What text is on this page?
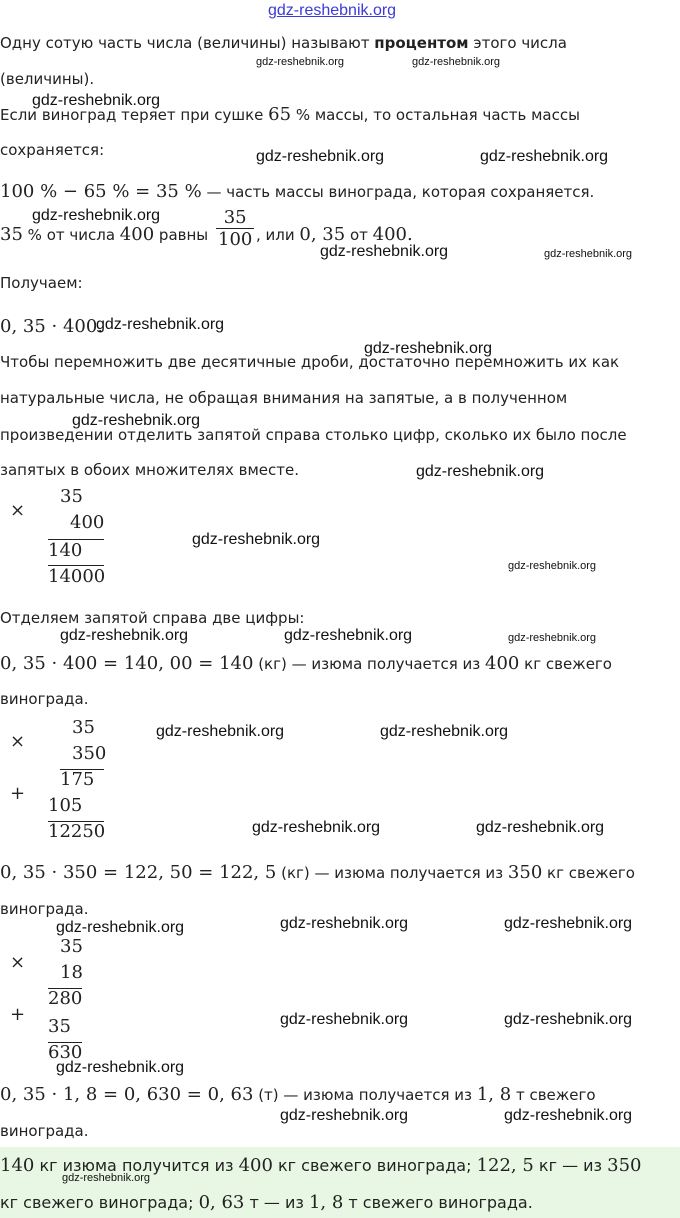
gdz-reshebnik.org
Одну сотую часть числа (величины) называют процентом этого числа
(величины).
Если виноград теряет при сушке 65 % массы, то остальная часть массы
сохраняется:
100 % − 65 % = 35 % — часть массы винограда, которая сохраняется.
35 % от числа 400 равны $\frac{35}{100}$ , или 0, 35 от 400.
Получаем:
0, 35 · 400.
Чтобы перемножить две десятичные дроби, достаточно перемножить их как
натуральные числа, не обращая внимания на запятые, а в полученном
произведении отделить запятой справа столько цифр, сколько их было после
запятых в обоих множителях вместе.
×
35
400
140
14000
Отделяем запятой справа две цифры:
0, 35 · 400 = 140, 00 = 140 (кг) — изюма получается из 400 кг свежего
винограда.
×
35
350
175
+
105
12250
0, 35 · 350 = 122, 50 = 122, 5 (кг) — изюма получается из 350 кг свежего
винограда.
×
35
18
280
+
35
630
0, 35 · 1, 8 = 0, 630 = 0, 63 (т) — изюма получается из 1, 8 т свежего
винограда.
140 кг изюма получится из 400 кг свежего винограда; 122, 5 кг — из 350
кг свежего винограда; 0, 63 т — из 1, 8 т свежего винограда.
gdz-reshebnik.org	gdz-reshebnik.org
gdz-reshebnik.org
gdz-reshebnik.org	gdz-reshebnik.org
gdz-reshebnik.org
gdz-reshebnik.org	gdz-reshebnik.org
gdz-reshebnik.org
gdz-reshebnik.org
gdz-reshebnik.org
gdz-reshebnik.org
gdz-reshebnik.org
gdz-reshebnik.org
gdz-reshebnik.org	gdz-reshebnik.org	gdz-reshebnik.org
gdz-reshebnik.org	gdz-reshebnik.org
gdz-reshebnik.org	gdz-reshebnik.org
gdz-reshebnik.org	gdz-reshebnik.org	gdz-reshebnik.org
gdz-reshebnik.org	gdz-reshebnik.org
gdz-reshebnik.org
gdz-reshebnik.org	gdz-reshebnik.org
gdz-reshebnik.org
